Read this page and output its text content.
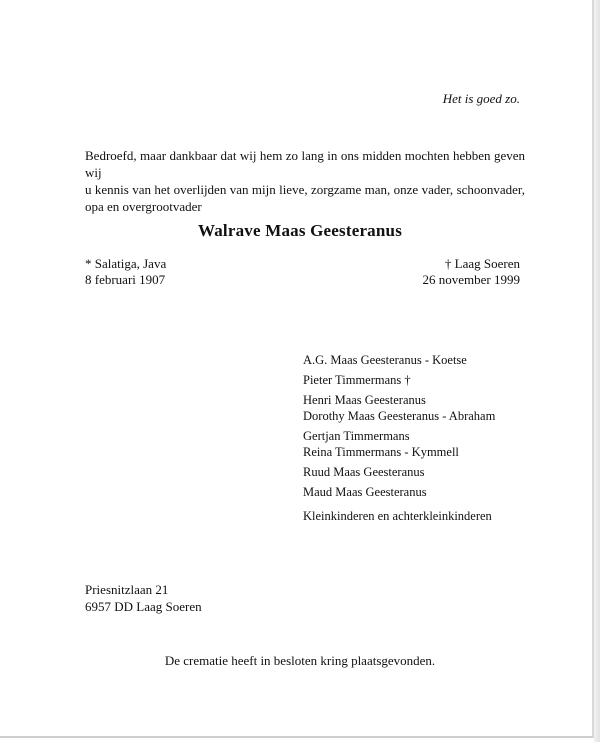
Het is goed zo.
Bedroefd, maar dankbaar dat wij hem zo lang in ons midden mochten hebben geven wij
u kennis van het overlijden van mijn lieve, zorgzame man, onze vader, schoonvader,
opa en overgrootvader
Walrave Maas Geesteranus
* Salatiga, Java
8 februari 1907
† Laag Soeren
26 november 1999
A.G. Maas Geesteranus - Koetse
Pieter Timmermans †
Henri Maas Geesteranus
Dorothy Maas Geesteranus - Abraham
Gertjan Timmermans
Reina Timmermans - Kymmell
Ruud Maas Geesteranus
Maud Maas Geesteranus
Kleinkinderen en achterkleinkinderen
Priesnitzlaan 21
6957 DD Laag Soeren
De crematie heeft in besloten kring plaatsgevonden.
